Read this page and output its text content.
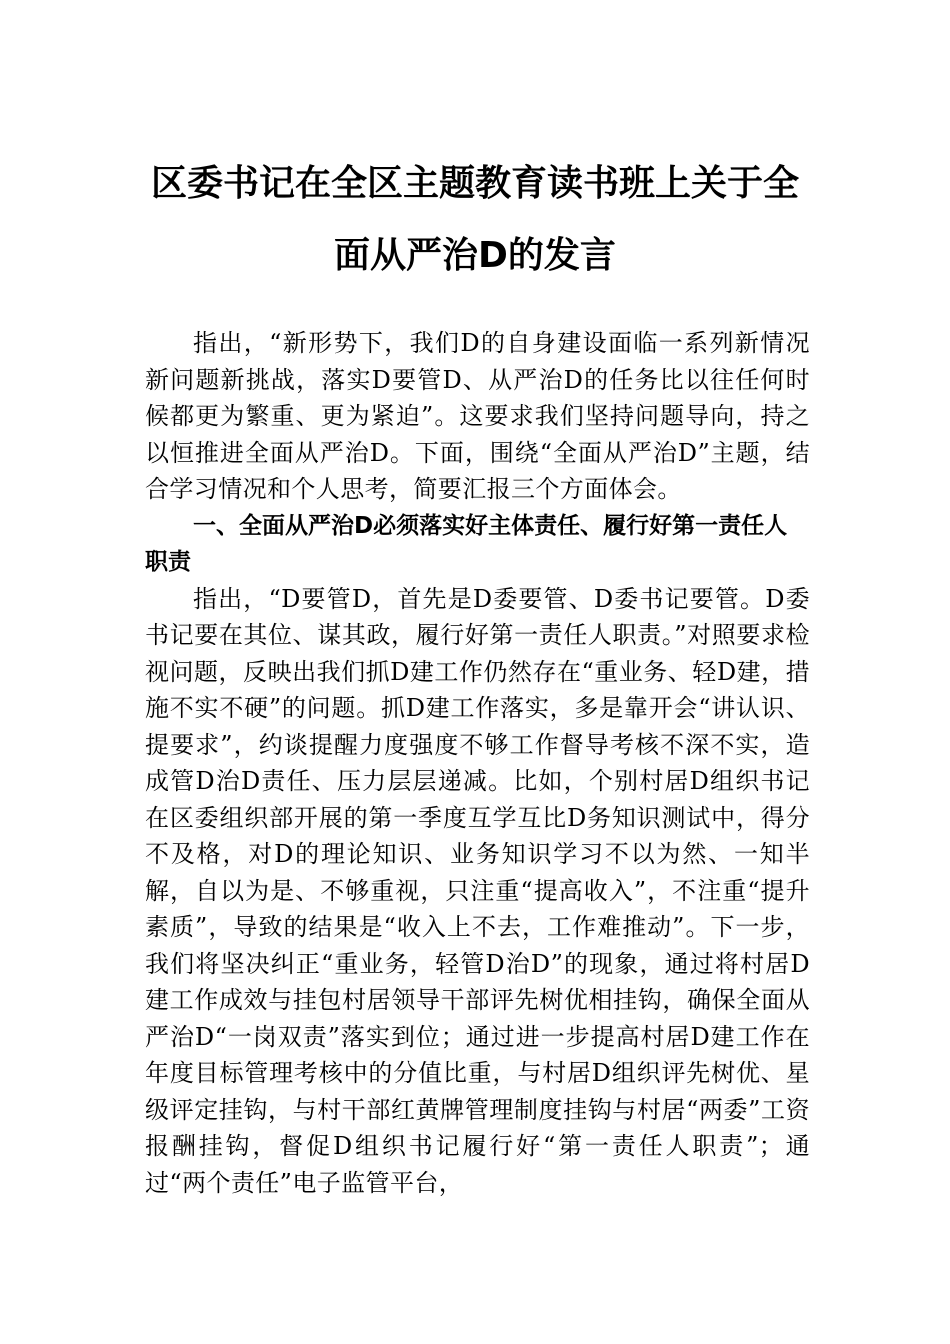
区委书记在全区主题教育读书班上关于全
面从严治D的发言

指出，“新形势下，我们D的自身建设面临一系列新情况新问题新挑战，落实D要管D、从严治D的任务比以往任何时候都更为繁重、更为紧迫”。这要求我们坚持问题导向，持之以恒推进全面从严治D。下面，围绕“全面从严治D”主题，结合学习情况和个人思考，简要汇报三个方面体会。

一、全面从严治D必须落实好主体责任、履行好第一责任人职责

指出，“D要管D，首先是D委要管、D委书记要管。D委书记要在其位、谋其政，履行好第一责任人职责。”对照要求检视问题，反映出我们抓D建工作仍然存在“重业务、轻D建，措施不实不硬”的问题。抓D建工作落实，多是靠开会“讲认识、提要求”，约谈提醒力度强度不够工作督导考核不深不实，造成管D治D责任、压力层层递减。比如，个别村居D组织书记在区委组织部开展的第一季度互学互比D务知识测试中，得分不及格，对D的理论知识、业务知识学习不以为然、一知半解，自以为是、不够重视，只注重“提高收入”，不注重“提升素质”，导致的结果是“收入上不去，工作难推动”。下一步，我们将坚决纠正“重业务，轻管D治D”的现象，通过将村居D建工作成效与挂包村居领导干部评先树优相挂钩，确保全面从严治D“一岗双责”落实到位；通过进一步提高村居D建工作在年度目标管理考核中的分值比重，与村居D组织评先树优、星级评定挂钩，与村干部红黄牌管理制度挂钩与村居“两委”工资报酬挂钩，督促D组织书记履行好“第一责任人职责”；通过“两个责任”电子监管平台，
